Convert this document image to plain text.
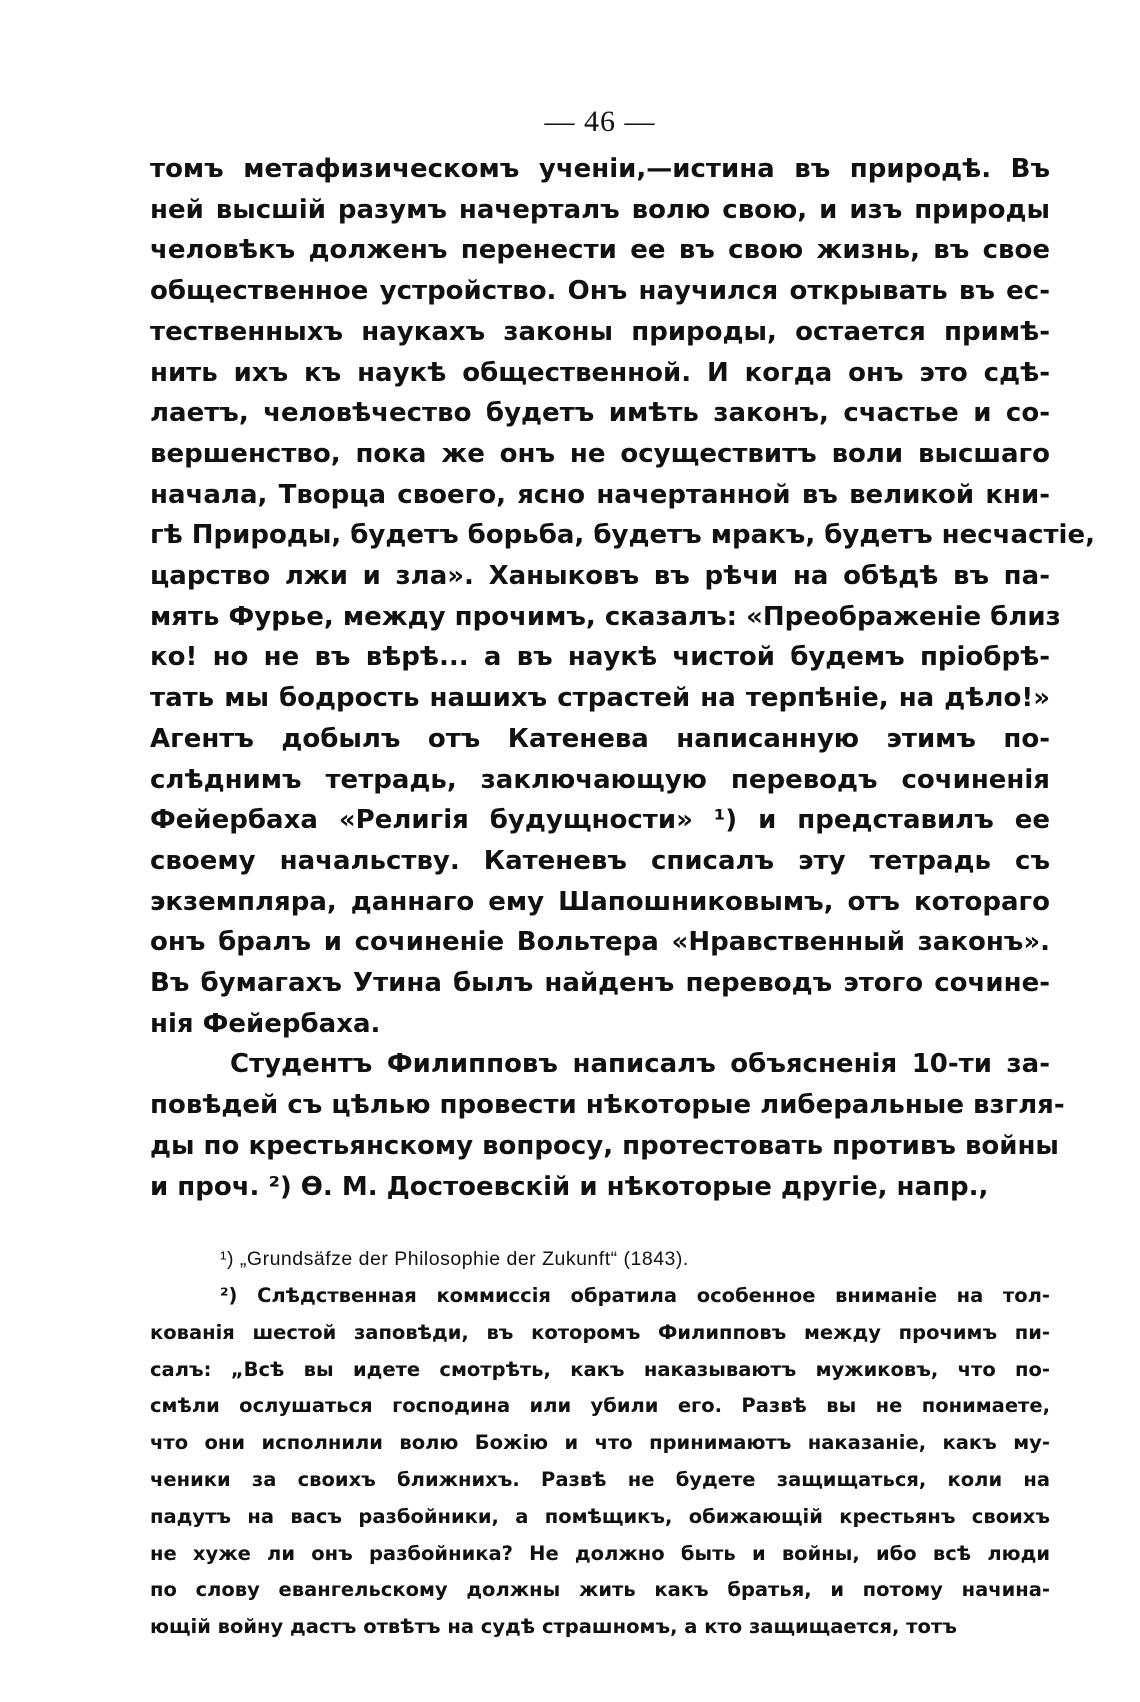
— 46 —
томъ метафизическомъ ученіи,—истина въ природѣ. Въ
ней высшій разумъ начерталъ волю свою, и изъ природы
человѣкъ долженъ перенести ее въ свою жизнь, въ свое
общественное устройство. Онъ научился открывать въ ес-
тественныхъ наукахъ законы природы, остается примѣ-
нить ихъ къ наукѣ общественной. И когда онъ это сдѣ-
лаетъ, человѣчество будетъ имѣть законъ, счастье и со-
вершенство, пока же онъ не осуществитъ воли высшаго
начала, Творца своего, ясно начертанной въ великой кни-
гѣ Природы, будетъ борьба, будетъ мракъ, будетъ несчастіе,
царство лжи и зла». Ханыковъ въ рѣчи на обѣдѣ въ па-
мять Фурье, между прочимъ, сказалъ: «Преображеніе близ
ко! но не въ вѣрѣ... а въ наукѣ чистой будемъ пріобрѣ-
тать мы бодрость нашихъ страстей на терпѣніе, на дѣло!»
Агентъ добылъ отъ Катенева написанную этимъ по-
слѣднимъ тетрадь, заключающую переводъ сочиненія
Фейербаха «Религія будущности» ¹) и представилъ ее
своему начальству. Катеневъ списалъ эту тетрадь съ
экземпляра, даннаго ему Шапошниковымъ, отъ котораго
онъ бралъ и сочиненіе Вольтера «Нравственный законъ».
Въ бумагахъ Утина былъ найденъ переводъ этого сочине-
нія Фейербаха.
Студентъ Филипповъ написалъ объясненія 10-ти за-
повѣдей съ цѣлью провести нѣкоторые либеральные взгля-
ды по крестьянскому вопросу, протестовать противъ войны
и проч. ²) Ѳ. М. Достоевскій и нѣкоторые другіе, напр.,
¹) „Grundsäfze der Philosophie der Zukunft“ (1843).
²) Слѣдственная коммиссія обратила особенное вниманіе на тол-
кованія шестой заповѣди, въ которомъ Филипповъ между прочимъ пи-
салъ: „Всѣ вы идете смотрѣть, какъ наказываютъ мужиковъ, что по-
смѣли ослушаться господина или убили его. Развѣ вы не понимаете,
что они исполнили волю Божію и что принимаютъ наказаніе, какъ му-
ченики за своихъ ближнихъ. Развѣ не будете защищаться, коли на
падутъ на васъ разбойники, а помѣщикъ, обижающій крестьянъ своихъ
не хуже ли онъ разбойника? Не должно быть и войны, ибо всѣ люди
по слову евангельскому должны жить какъ братья, и потому начина-
ющій войну дастъ отвѣтъ на судѣ страшномъ, а кто защищается, тотъ
